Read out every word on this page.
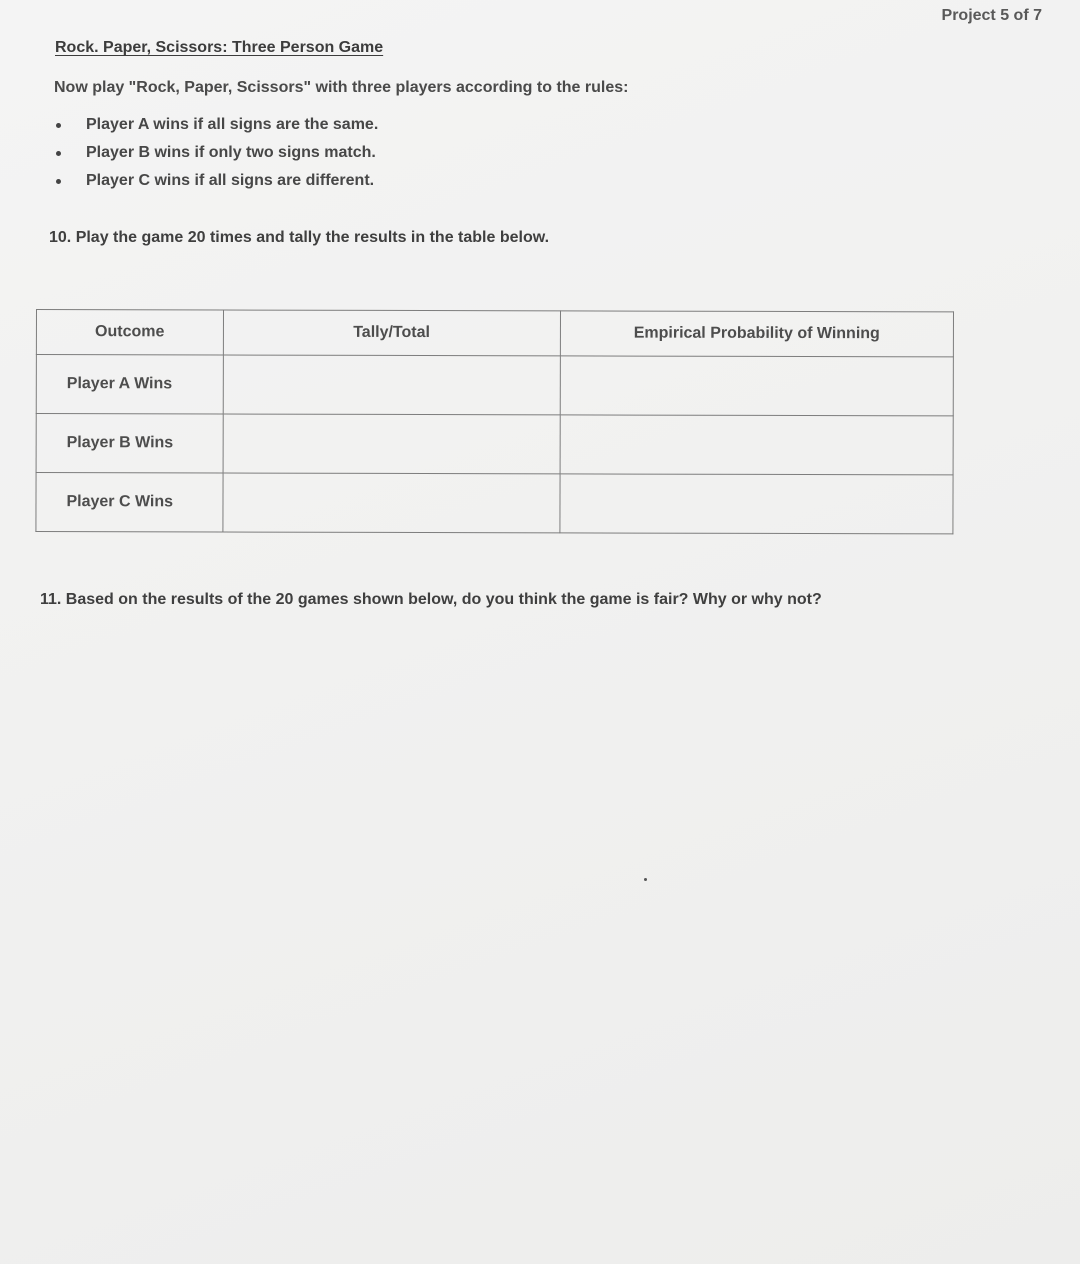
Project 5 of 7
Rock. Paper, Scissors: Three Person Game
Now play "Rock, Paper, Scissors" with three players according to the rules:
Player A wins if all signs are the same.
Player B wins if only two signs match.
Player C wins if all signs are different.
10. Play the game 20 times and tally the results in the table below.
Outcome	Tally/Total	Empirical Probability of Winning
Player A Wins		
Player B Wins		
Player C Wins		
11. Based on the results of the 20 games shown below, do you think the game is fair? Why or why not?
